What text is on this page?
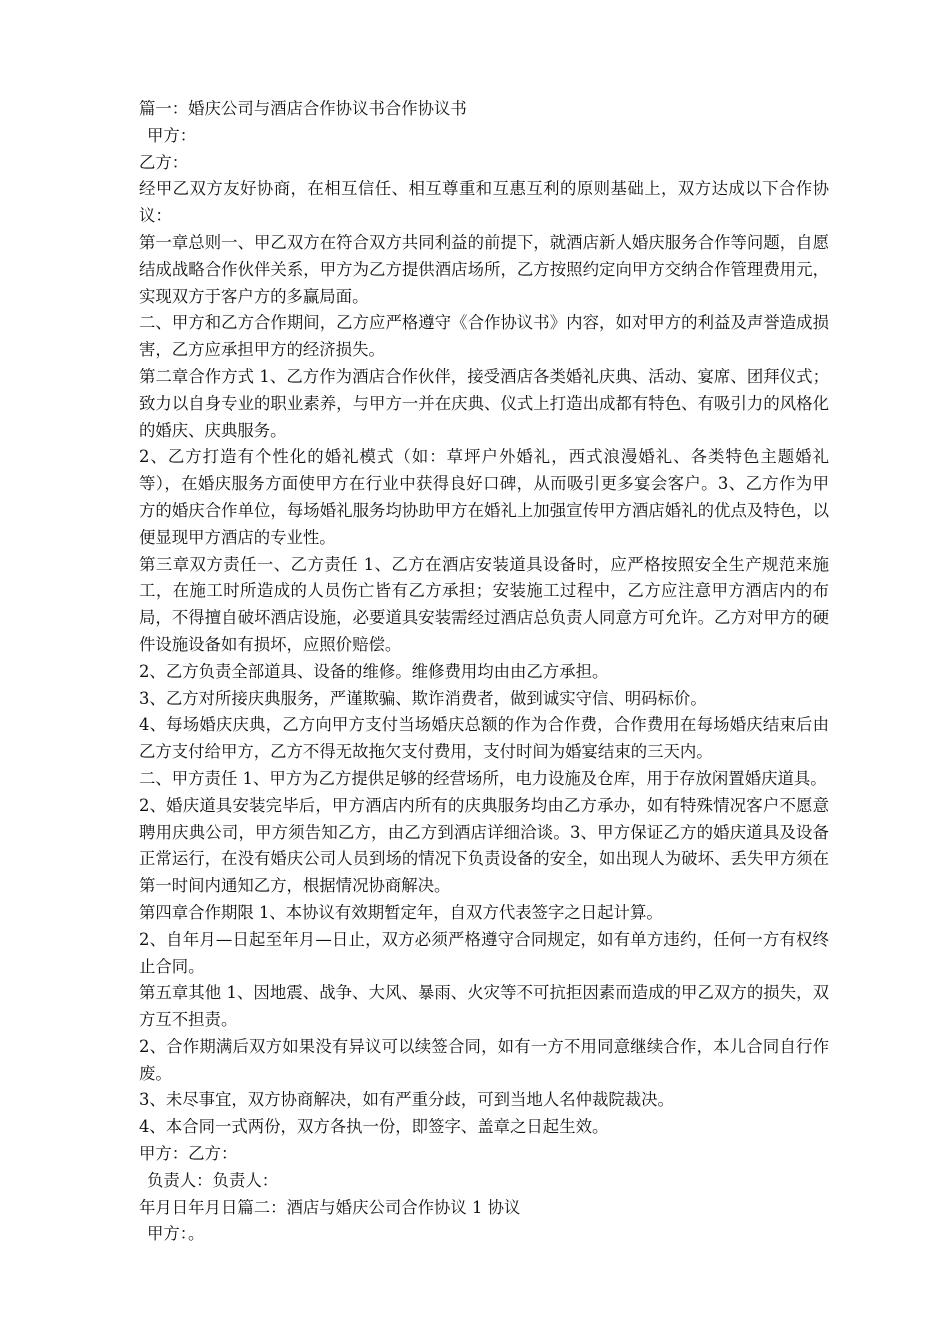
篇一：婚庆公司与酒店合作协议书合作协议书

甲方：

乙方：

经甲乙双方友好协商，在相互信任、相互尊重和互惠互利的原则基础上，双方达成以下合作协议：

第一章总则一、甲乙双方在符合双方共同利益的前提下，就酒店新人婚庆服务合作等问题，自愿结成战略合作伙伴关系，甲方为乙方提供酒店场所，乙方按照约定向甲方交纳合作管理费用元，实现双方于客户方的多赢局面。

二、甲方和乙方合作期间，乙方应严格遵守《合作协议书》内容，如对甲方的利益及声誉造成损害，乙方应承担甲方的经济损失。

第二章合作方式 1、乙方作为酒店合作伙伴，接受酒店各类婚礼庆典、活动、宴席、团拜仪式；致力以自身专业的职业素养，与甲方一并在庆典、仪式上打造出成都有特色、有吸引力的风格化的婚庆、庆典服务。

2、乙方打造有个性化的婚礼模式（如：草坪户外婚礼，西式浪漫婚礼、各类特色主题婚礼等），在婚庆服务方面使甲方在行业中获得良好口碑，从而吸引更多宴会客户。3、乙方作为甲方的婚庆合作单位，每场婚礼服务均协助甲方在婚礼上加强宣传甲方酒店婚礼的优点及特色，以便显现甲方酒店的专业性。

第三章双方责任一、乙方责任 1、乙方在酒店安装道具设备时，应严格按照安全生产规范来施工，在施工时所造成的人员伤亡皆有乙方承担；安装施工过程中，乙方应注意甲方酒店内的布局，不得擅自破坏酒店设施，必要道具安装需经过酒店总负责人同意方可允许。乙方对甲方的硬件设施设备如有损坏，应照价赔偿。

2、乙方负责全部道具、设备的维修。维修费用均由由乙方承担。

3、乙方对所接庆典服务，严谨欺骗、欺诈消费者，做到诚实守信、明码标价。

4、每场婚庆庆典，乙方向甲方支付当场婚庆总额的作为合作费，合作费用在每场婚庆结束后由乙方支付给甲方，乙方不得无故拖欠支付费用，支付时间为婚宴结束的三天内。

二、甲方责任 1、甲方为乙方提供足够的经营场所，电力设施及仓库，用于存放闲置婚庆道具。

2、婚庆道具安装完毕后，甲方酒店内所有的庆典服务均由乙方承办，如有特殊情况客户不愿意聘用庆典公司，甲方须告知乙方，由乙方到酒店详细洽谈。3、甲方保证乙方的婚庆道具及设备正常运行，在没有婚庆公司人员到场的情况下负责设备的安全，如出现人为破坏、丢失甲方须在第一时间内通知乙方，根据情况协商解决。

第四章合作期限 1、本协议有效期暂定年，自双方代表签字之日起计算。

2、自年月—日起至年月—日止，双方必须严格遵守合同规定，如有单方违约，任何一方有权终止合同。

第五章其他 1、因地震、战争、大风、暴雨、火灾等不可抗拒因素而造成的甲乙双方的损失，双方互不担责。

2、合作期满后双方如果没有异议可以续签合同，如有一方不用同意继续合作，本儿合同自行作废。

3、未尽事宜，双方协商解决，如有严重分歧，可到当地人名仲裁院裁决。

4、本合同一式两份，双方各执一份，即签字、盖章之日起生效。

甲方：乙方：

负责人：负责人：

年月日年月日篇二：酒店与婚庆公司合作协议 1 协议

甲方：。
